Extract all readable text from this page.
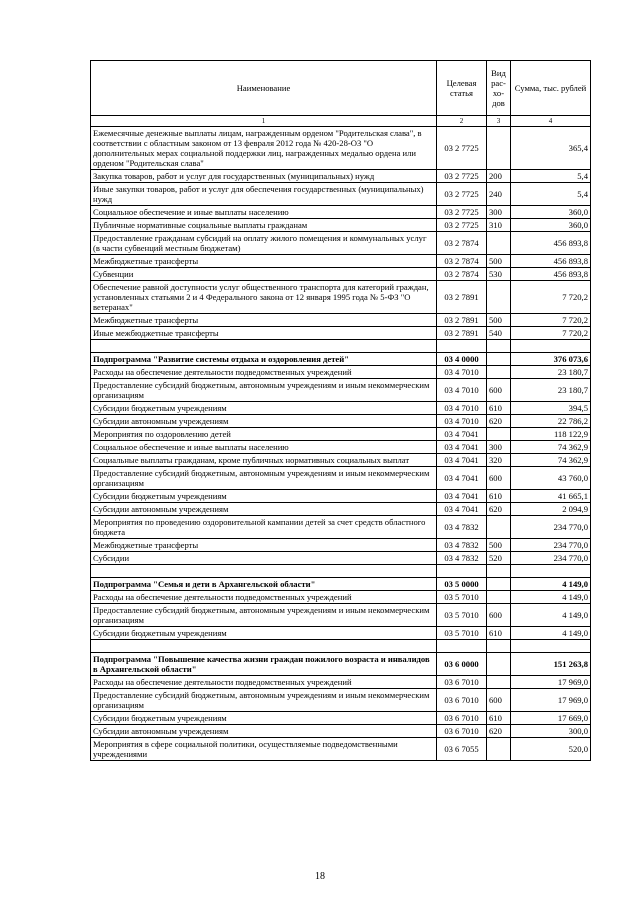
Наименование	Целевая статья	Вид рас- хо- дов	Сумма, тыс. рублей
1	2	3	4
Ежемесячные денежные выплаты лицам, награжденным орденом "Родительская слава", в соответствии с областным законом от 13 февраля 2012 года № 420-28-ОЗ "О дополнительных мерах социальной поддержки лиц, награжденных медалью ордена или орденом "Родительская слава"	03 2 7725		365,4
Закупка товаров, работ и услуг для государственных (муниципальных) нужд	03 2 7725	200	5,4
Иные закупки товаров, работ и услуг для обеспечения государственных (муниципальных) нужд	03 2 7725	240	5,4
Социальное обеспечение и иные выплаты населению	03 2 7725	300	360,0
Публичные нормативные социальные выплаты гражданам	03 2 7725	310	360,0
Предоставление гражданам субсидий на оплату жилого помещения и коммунальных услуг (в части субвенций местным бюджетам)	03 2 7874		456 893,8
Межбюджетные трансферты	03 2 7874	500	456 893,8
Субвенции	03 2 7874	530	456 893,8
Обеспечение равной доступности услуг общественного транспорта для категорий граждан, установленных статьями 2 и 4 Федерального закона от 12 января 1995 года № 5-ФЗ "О ветеранах"	03 2 7891		7 720,2
Межбюджетные трансферты	03 2 7891	500	7 720,2
Иные межбюджетные трансферты	03 2 7891	540	7 720,2

Подпрограмма "Развитие системы отдыха и оздоровления детей"	03 4 0000		376 073,6
Расходы на обеспечение деятельности подведомственных учреждений	03 4 7010		23 180,7
Предоставление субсидий бюджетным, автономным учреждениям и иным некоммерческим организациям	03 4 7010	600	23 180,7
Субсидии бюджетным учреждениям	03 4 7010	610	394,5
Субсидии автономным учреждениям	03 4 7010	620	22 786,2
Мероприятия по оздоровлению детей	03 4 7041		118 122,9
Социальное обеспечение и иные выплаты населению	03 4 7041	300	74 362,9
Социальные выплаты гражданам, кроме публичных нормативных социальных выплат	03 4 7041	320	74 362,9
Предоставление субсидий бюджетным, автономным учреждениям и иным некоммерческим организациям	03 4 7041	600	43 760,0
Субсидии бюджетным учреждениям	03 4 7041	610	41 665,1
Субсидии автономным учреждениям	03 4 7041	620	2 094,9
Мероприятия по проведению оздоровительной кампании детей за счет средств областного бюджета	03 4 7832		234 770,0
Межбюджетные трансферты	03 4 7832	500	234 770,0
Субсидии	03 4 7832	520	234 770,0

Подпрограмма "Семья и дети в Архангельской области"	03 5 0000		4 149,0
Расходы на обеспечение деятельности подведомственных учреждений	03 5 7010		4 149,0
Предоставление субсидий бюджетным, автономным учреждениям и иным некоммерческим организациям	03 5 7010	600	4 149,0
Субсидии бюджетным учреждениям	03 5 7010	610	4 149,0

Подпрограмма "Повышение качества жизни граждан пожилого возраста и инвалидов в Архангельской области"	03 6 0000		151 263,8
Расходы на обеспечение деятельности подведомственных учреждений	03 6 7010		17 969,0
Предоставление субсидий бюджетным, автономным учреждениям и иным некоммерческим организациям	03 6 7010	600	17 969,0
Субсидии бюджетным учреждениям	03 6 7010	610	17 669,0
Субсидии автономным учреждениям	03 6 7010	620	300,0
Мероприятия в сфере социальной политики, осуществляемые подведомственными учреждениями	03 6 7055		520,0
18
